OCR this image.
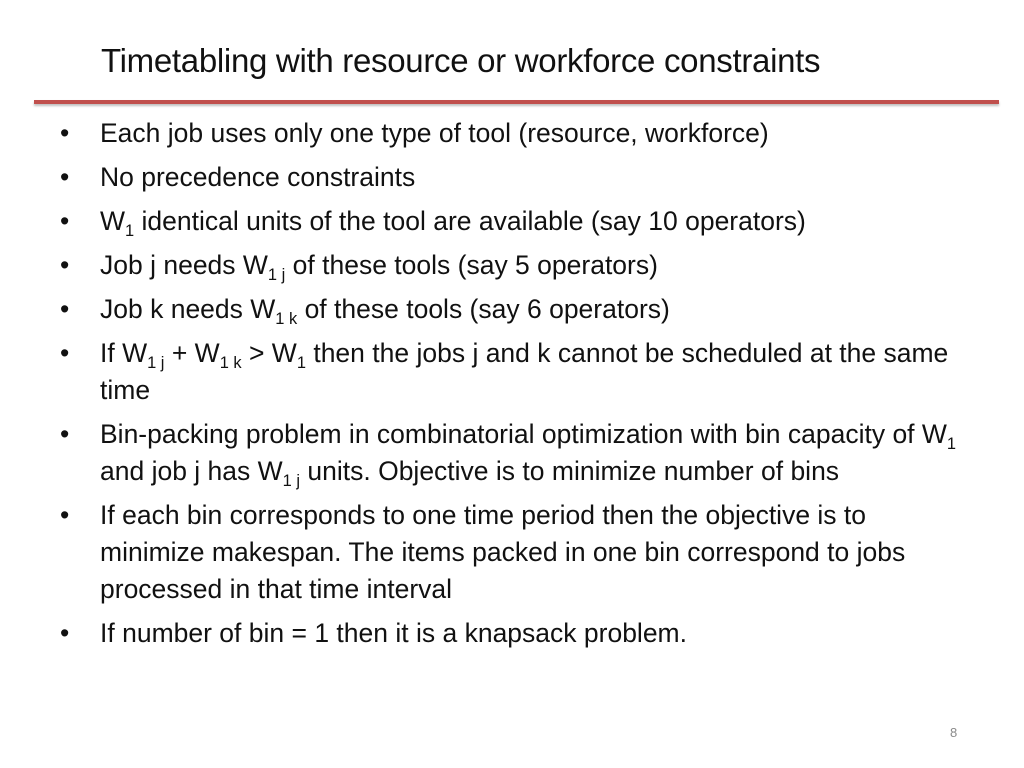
Timetabling with resource or workforce constraints
• Each job uses only one type of tool (resource, workforce)
• No precedence constraints
• $W_1$ identical units of the tool are available (say 10 operators)
• Job j needs $W_{1 j}$ of these tools (say 5 operators)
• Job k needs $W_{1 k}$ of these tools (say 6 operators)
• If $W_{1 j} + W_{1 k} > W_1$ then the jobs j and k cannot be scheduled at the same time
• Bin-packing problem in combinatorial optimization with bin capacity of $W_1$ and job j has $W_{1 j}$ units. Objective is to minimize number of bins
• If each bin corresponds to one time period then the objective is to minimize makespan. The items packed in one bin correspond to jobs processed in that time interval
• If number of bin = 1 then it is a knapsack problem.
8
